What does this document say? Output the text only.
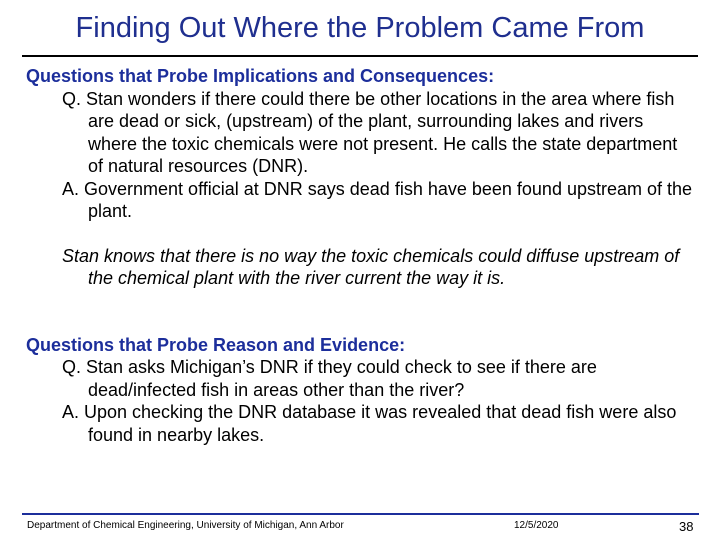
Finding Out Where the Problem Came From
Questions that Probe Implications and Consequences:
Q. Stan wonders if there could there be other locations in the area where fish are dead or sick, (upstream) of the plant, surrounding lakes and rivers where the toxic chemicals were not present. He calls the state department of natural resources (DNR).
A. Government official at DNR says dead fish have been found upstream of the plant.
Stan knows that there is no way the toxic chemicals could diffuse upstream of the chemical plant with the river current the way it is.
Questions that Probe Reason and Evidence:
Q. Stan asks Michigan’s DNR if they could check to see if there are dead/infected fish in areas other than the river?
A. Upon checking the DNR database it was revealed that dead fish were also found in nearby lakes.
Department of Chemical Engineering, University of Michigan, Ann Arbor	12/5/2020	38
